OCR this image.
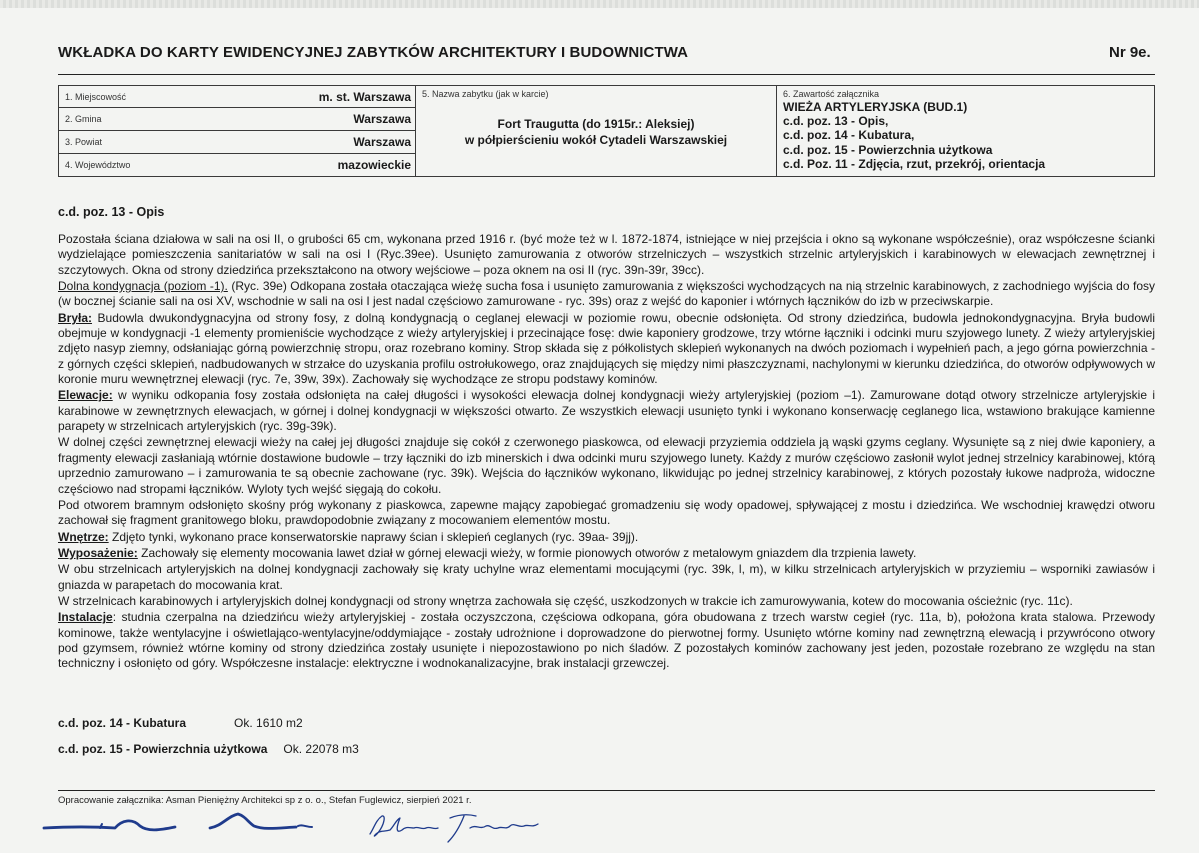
WKŁADKA DO KARTY EWIDENCYJNEJ ZABYTKÓW ARCHITEKTURY I BUDOWNICTWA	Nr 9e.
1. Miejscowość	m. st. Warszawa
2. Gmina	Warszawa
3. Powiat	Warszawa
4. Województwo	mazowieckie
5. Nazwa zabytku (jak w karcie)
Fort Traugutta (do 1915r.: Aleksiej)
w półpierścieniu wokół Cytadeli Warszawskiej
6. Zawartość załącznika
WIEŻA ARTYLERYJSKA (BUD.1)
c.d. poz. 13 - Opis,
c.d. poz. 14 - Kubatura,
c.d. poz. 15 - Powierzchnia użytkowa
c.d. Poz. 11 - Zdjęcia, rzut, przekrój, orientacja
c.d. poz. 13 - Opis

Pozostała ściana działowa w sali na osi II, o grubości 65 cm, wykonana przed 1916 r. (być może też w l. 1872-1874, istniejące w niej przejścia i okno są wykonane współcześnie), oraz współczesne ścianki wydzielające pomieszczenia sanitariatów w sali na osi I (Ryc.39ee). Usunięto zamurowania z otworów strzelniczych – wszystkich strzelnic artyleryjskich i karabinowych w elewacjach zewnętrznej i szczytowych. Okna od strony dziedzińca przekształcono na otwory wejściowe – poza oknem na osi II (ryc. 39n-39r, 39cc).

Dolna kondygnacja (poziom -1). (Ryc. 39e) Odkopana została otaczająca wieżę sucha fosa i usunięto zamurowania z większości wychodzących na nią strzelnic karabinowych, z zachodniego wyjścia do fosy (w bocznej ścianie sali na osi XV, wschodnie w sali na osi I jest nadal częściowo zamurowane - ryc. 39s) oraz z wejść do kaponier i wtórnych łączników do izb w przeciwskarpie.

Bryła: Budowla dwukondygnacyjna od strony fosy, z dolną kondygnacją o ceglanej elewacji w poziomie rowu, obecnie odsłonięta. Od strony dziedzińca, budowla jednokondygnacyjna. Bryła budowli obejmuje w kondygnacji -1 elementy promieniście wychodzące z wieży artyleryjskiej i przecinające fosę: dwie kaponiery grodzowe, trzy wtórne łączniki i odcinki muru szyjowego lunety. Z wieży artyleryjskiej zdjęto nasyp ziemny, odsłaniając górną powierzchnię stropu, oraz rozebrano kominy. Strop składa się z półkolistych sklepień wykonanych na dwóch poziomach i wypełnień pach, a jego górna powierzchnia - z górnych części sklepień, nadbudowanych w strzałce do uzyskania profilu ostrołukowego, oraz znajdujących się między nimi płaszczyznami, nachylonymi w kierunku dziedzińca, do otworów odpływowych w koronie muru wewnętrznej elewacji (ryc. 7e, 39w, 39x). Zachowały się wychodzące ze stropu podstawy kominów.

Elewacje: w wyniku odkopania fosy została odsłonięta na całej długości i wysokości elewacja dolnej kondygnacji wieży artyleryjskiej (poziom –1). Zamurowane dotąd otwory strzelnicze artyleryjskie i karabinowe w zewnętrznych elewacjach, w górnej i dolnej kondygnacji w większości otwarto. Ze wszystkich elewacji usunięto tynki i wykonano konserwację ceglanego lica, wstawiono brakujące kamienne parapety w strzelnicach artyleryjskich (ryc. 39g-39k).

W dolnej części zewnętrznej elewacji wieży na całej jej długości znajduje się cokół z czerwonego piaskowca, od elewacji przyziemia oddziela ją wąski gzyms ceglany. Wysunięte są z niej dwie kaponiery, a fragmenty elewacji zasłaniają wtórnie dostawione budowle – trzy łączniki do izb minerskich i dwa odcinki muru szyjowego lunety. Każdy z murów częściowo zasłonił wylot jednej strzelnicy karabinowej, którą uprzednio zamurowano – i zamurowania te są obecnie zachowane (ryc. 39k). Wejścia do łączników wykonano, likwidując po jednej strzelnicy karabinowej, z których pozostały łukowe nadproża, widoczne częściowo nad stropami łączników. Wyloty tych wejść sięgają do cokołu.

Pod otworem bramnym odsłonięto skośny próg wykonany z piaskowca, zapewne mający zapobiegać gromadzeniu się wody opadowej, spływającej z mostu i dziedzińca. We wschodniej krawędzi otworu zachował się fragment granitowego bloku, prawdopodobnie związany z mocowaniem elementów mostu.

Wnętrze: Zdjęto tynki, wykonano prace konserwatorskie naprawy ścian i sklepień ceglanych (ryc. 39aa- 39jj).

Wyposażenie: Zachowały się elementy mocowania lawet dział w górnej elewacji wieży, w formie pionowych otworów z metalowym gniazdem dla trzpienia lawety.

W obu strzelnicach artyleryjskich na dolnej kondygnacji zachowały się kraty uchylne wraz elementami mocującymi (ryc. 39k, l, m), w kilku strzelnicach artyleryjskich w przyziemiu – wsporniki zawiasów i gniazda w parapetach do mocowania krat.

W strzelnicach karabinowych i artyleryjskich dolnej kondygnacji od strony wnętrza zachowała się część, uszkodzonych w trakcie ich zamurowywania, kotew do mocowania ościeżnic (ryc. 11c).

Instalacje: studnia czerpalna na dziedzińcu wieży artyleryjskiej - została oczyszczona, częściowa odkopana, góra obudowana z trzech warstw cegieł (ryc. 11a, b), położona krata stalowa. Przewody kominowe, także wentylacyjne i oświetlająco-wentylacyjne/oddymiające - zostały udrożnione i doprowadzone do pierwotnej formy. Usunięto wtórne kominy nad zewnętrzną elewacją i przywrócono otwory pod gzymsem, również wtórne kominy od strony dziedzińca zostały usunięte i niepozostawiono po nich śladów. Z pozostałych kominów zachowany jest jeden, pozostałe rozebrano ze względu na stan techniczny i osłonięto od góry. Współczesne instalacje: elektryczne i wodnokanalizacyjne, brak instalacji grzewczej.

c.d. poz. 14 - Kubatura	Ok. 1610 m2
c.d. poz. 15 - Powierzchnia użytkowa Ok. 22078 m3
Opracowanie załącznika: Asman Pieniężny Architekci sp z o. o., Stefan Fuglewicz, sierpień 2021 r.
